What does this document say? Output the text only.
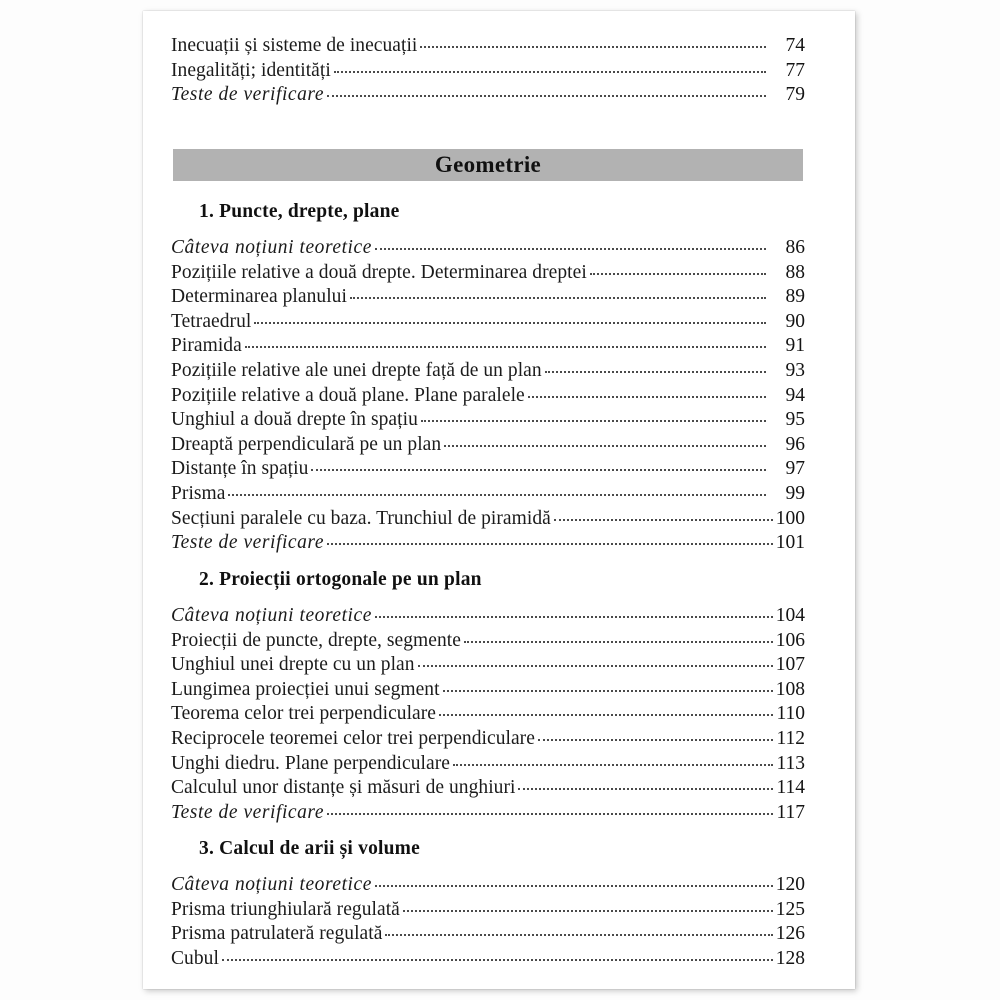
Inecuații și sisteme de inecuații	74
Inegalități; identități	77
Teste de verificare	79
Geometrie
1. Puncte, drepte, plane
Câteva noțiuni teoretice	86
Pozițiile relative a două drepte. Determinarea dreptei	88
Determinarea planului	89
Tetraedrul	90
Piramida	91
Pozițiile relative ale unei drepte față de un plan	93
Pozițiile relative a două plane. Plane paralele	94
Unghiul a două drepte în spațiu	95
Dreaptă perpendiculară pe un plan	96
Distanțe în spațiu	97
Prisma	99
Secțiuni paralele cu baza. Trunchiul de piramidă	100
Teste de verificare	101
2. Proiecții ortogonale pe un plan
Câteva noțiuni teoretice	104
Proiecții de puncte, drepte, segmente	106
Unghiul unei drepte cu un plan	107
Lungimea proiecției unui segment	108
Teorema celor trei perpendiculare	110
Reciprocele teoremei celor trei perpendiculare	112
Unghi diedru. Plane perpendiculare	113
Calculul unor distanțe și măsuri de unghiuri	114
Teste de verificare	117
3. Calcul de arii și volume
Câteva noțiuni teoretice	120
Prisma triunghiulară regulată	125
Prisma patrulateră regulată	126
Cubul	128
